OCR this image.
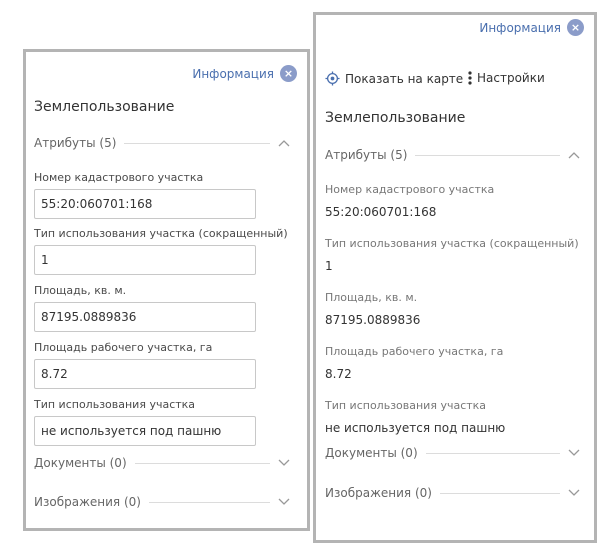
Информация ×
Землепользование
Атрибуты (5)
Номер кадастрового участка
55:20:060701:168
Тип использования участка (сокращенный)
1
Площадь, кв. м.
87195.0889836
Площадь рабочего участка, га
8.72
Тип использования участка
не используется под пашню
Документы (0)
Изображения (0)
Информация ×
Показать на карте Настройки
Землепользование
Атрибуты (5)
Номер кадастрового участка
55:20:060701:168
Тип использования участка (сокращенный)
1
Площадь, кв. м.
87195.0889836
Площадь рабочего участка, га
8.72
Тип использования участка
не используется под пашню
Документы (0)
Изображения (0)
